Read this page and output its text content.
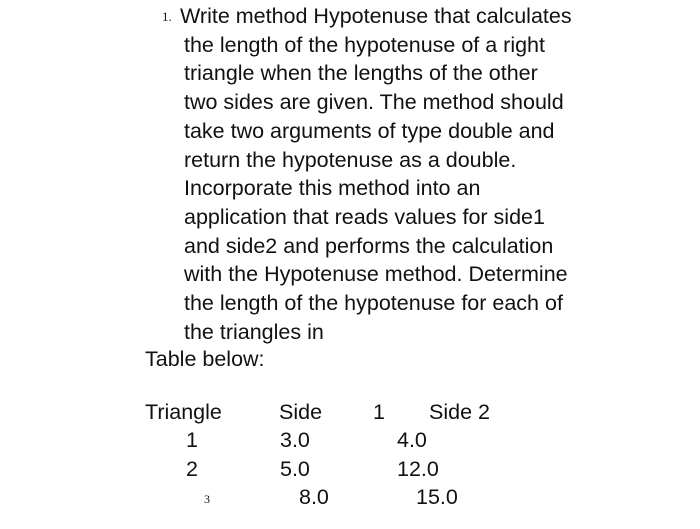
1. Write method Hypotenuse that calculates
the length of the hypotenuse of a right
triangle when the lengths of the other
two sides are given. The method should
take two arguments of type double and
return the hypotenuse as a double.
Incorporate this method into an
application that reads values for side1
and side2 and performs the calculation
with the Hypotenuse method. Determine
the length of the hypotenuse for each of
the triangles in

Table below:

Triangle	Side 1 Side 2
1	3.0	4.0
2	5.0	12.0
3	8.0	15.0
